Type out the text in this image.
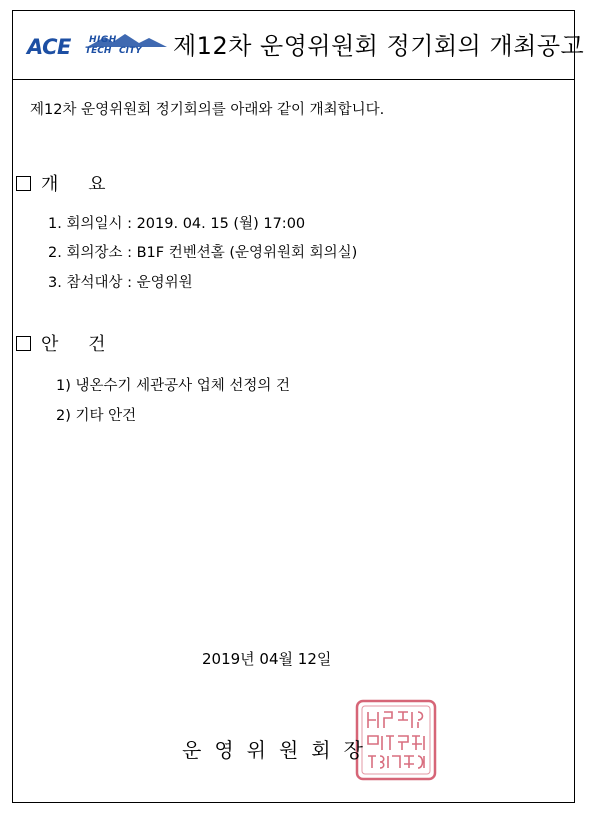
ACE HIGH
TECH CITY 제12차 운영위원회 정기회의 개최공고
제12차 운영위원회 정기회의를 아래와 같이 개최합니다.
개 요
1. 회의일시 : 2019. 04. 15 (월) 17:00
2. 회의장소 : B1F 컨벤션홀 (운영위원회 회의실)
3. 참석대상 : 운영위원
안 건
1) 냉온수기 세관공사 업체 선정의 건
2) 기타 안건
2019년 04월 12일
운영위원회장
